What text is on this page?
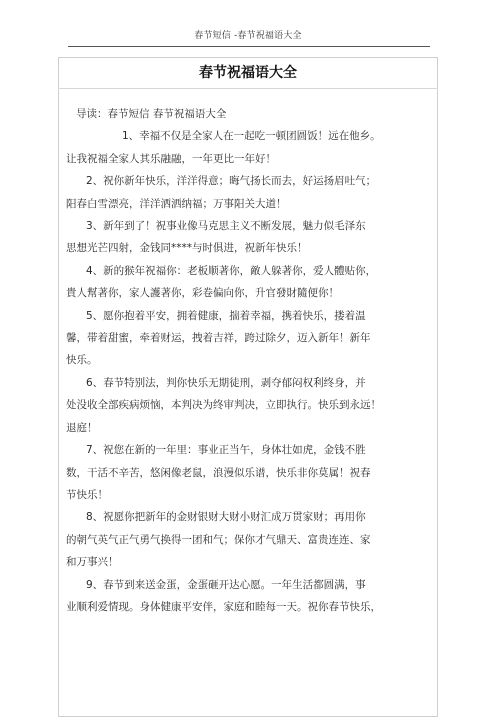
春节短信 -春节祝福语大全
春节祝福语大全

导读：春节短信 春节祝福语大全

1、幸福不仅是全家人在一起吃一顿团圆饭！远在他乡。

让我祝福全家人其乐融融，一年更比一年好！

2、祝你新年快乐，洋洋得意；晦气扬长而去，好运扬眉吐气；

阳春白雪漂亮，洋洋洒洒纳福；万事阳关大道！

3、新年到了！祝事业像马克思主义不断发展，魅力似毛泽东

思想光芒四射，金钱同****与时俱进，祝新年快乐！

4、新的猴年祝福你：老板顺著你，敵人躲著你，爱人體贴你，

貴人幫著你，家人護著你，彩卷偏向你，升官發財隨便你！

5、愿你抱着平安，拥着健康，揣着幸福，携着快乐，搂着温

馨，带着甜蜜，牵着财运，拽着吉祥，跨过除夕，迈入新年！新年

快乐。

6、春节特别法，判你快乐无期徒刑，剥夺郁闷权利终身，并

处没收全部疾病烦恼，本判决为终审判决，立即执行。快乐到永远！

退庭！

7、祝您在新的一年里：事业正当午，身体壮如虎，金钱不胜

数，干活不辛苦，悠闲像老鼠，浪漫似乐谱，快乐非你莫属！祝春

节快乐！

8、祝愿你把新年的金财银财大财小财汇成万贯家财；再用你

的朝气英气正气勇气换得一团和气；保你才气鼎天、富贵连连、家

和万事兴！

9、春节到来送金蛋，金蛋砸开达心愿。一年生活都圆满，事

业顺利爱情现。身体健康平安伴，家庭和睦每一天。祝你春节快乐，
